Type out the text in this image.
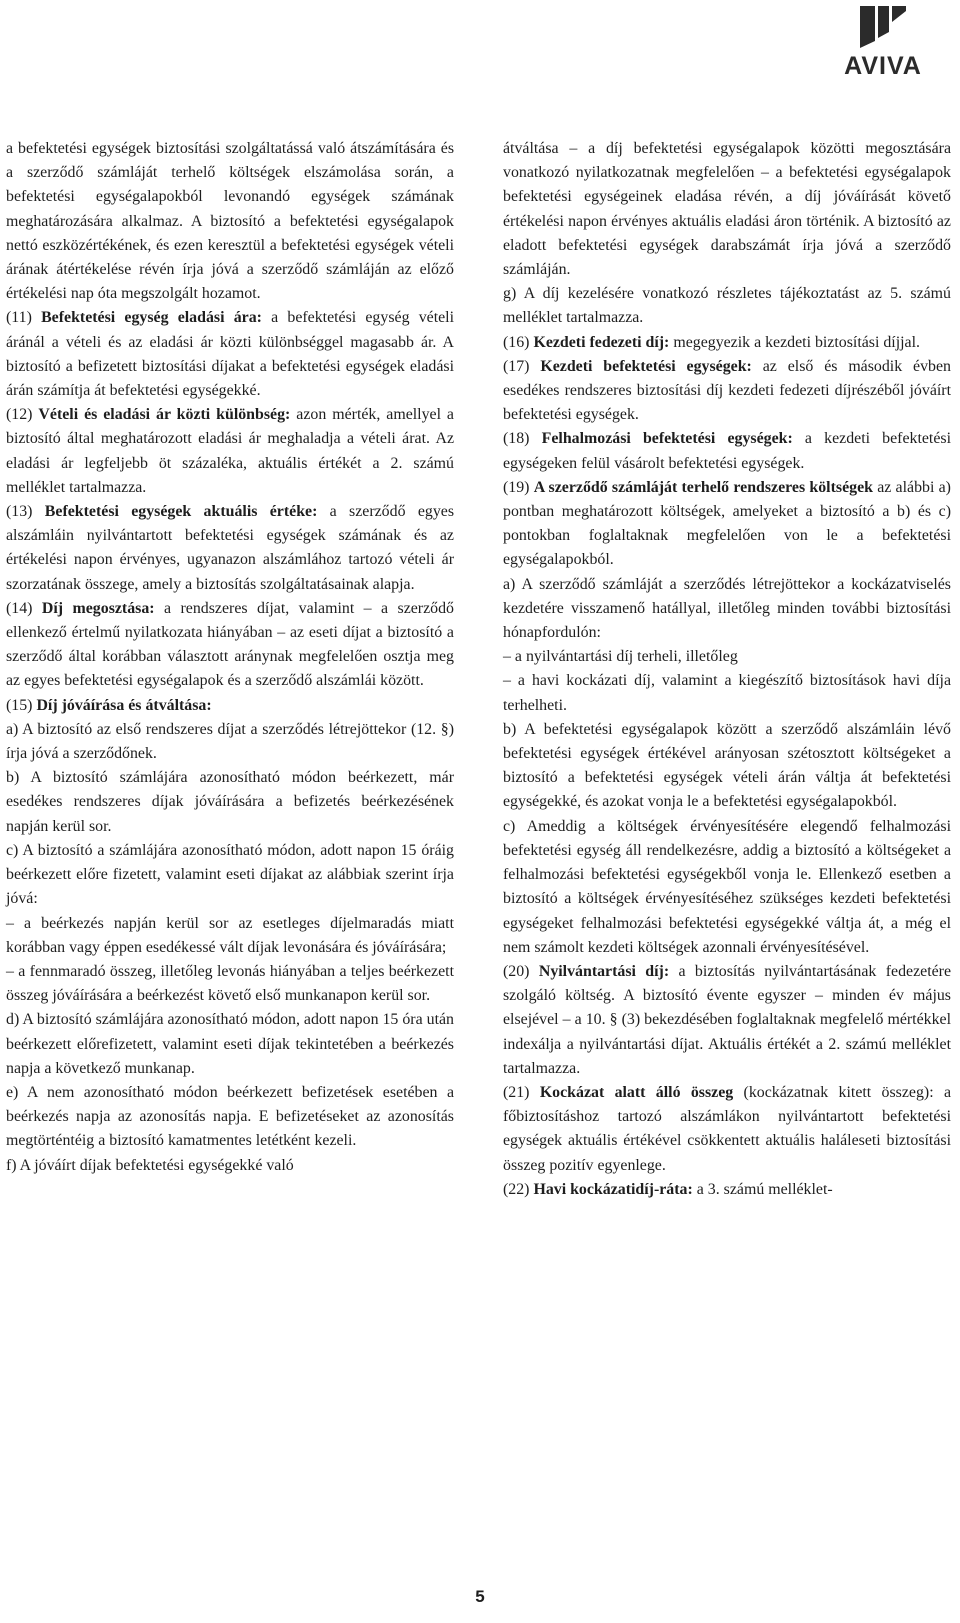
AVIVA

a befektetési egységek biztosítási szolgáltatássá való átszámítására és a szerződő számláját terhelő költségek elszámolása során, a befektetési egységalapokból levonandó egységek számának meghatározására alkalmaz. A biztosító a befektetési egységalapok nettó eszközértékének, és ezen keresztül a befektetési egységek vételi árának átértékelése révén írja jóvá a szerződő számláján az előző értékelési nap óta megszolgált hozamot.

(11) Befektetési egység eladási ára: a befektetési egység vételi áránál a vételi és az eladási ár közti különbséggel magasabb ár. A biztosító a befizetett biztosítási díjakat a befektetési egységek eladási árán számítja át befektetési egységekké.

(12) Vételi és eladási ár közti különbség: azon mérték, amellyel a biztosító által meghatározott eladási ár meghaladja a vételi árat. Az eladási ár legfeljebb öt százaléka, aktuális értékét a 2. számú melléklet tartalmazza.

(13) Befektetési egységek aktuális értéke: a szerződő egyes alszámláin nyilvántartott befektetési egységek számának és az értékelési napon érvényes, ugyanazon alszámlához tartozó vételi ár szorzatának összege, amely a biztosítás szolgáltatásainak alapja.

(14) Díj megosztása: a rendszeres díjat, valamint – a szerződő ellenkező értelmű nyilatkozata hiányában – az eseti díjat a biztosító a szerződő által korábban választott aránynak megfelelően osztja meg az egyes befektetési egységalapok és a szerződő alszámlái között.

(15) Díj jóváírása és átváltása:

a) A biztosító az első rendszeres díjat a szerződés létrejöttekor (12. §) írja jóvá a szerződőnek.

b) A biztosító számlájára azonosítható módon beérkezett, már esedékes rendszeres díjak jóváírására a befizetés beérkezésének napján kerül sor.

c) A biztosító a számlájára azonosítható módon, adott napon 15 óráig beérkezett előre fizetett, valamint eseti díjakat az alábbiak szerint írja jóvá:

– a beérkezés napján kerül sor az esetleges díjelmaradás miatt korábban vagy éppen esedékessé vált díjak levonására és jóváírására;

– a fennmaradó összeg, illetőleg levonás hiányában a teljes beérkezett összeg jóváírására a beérkezést követő első munkanapon kerül sor.

d) A biztosító számlájára azonosítható módon, adott napon 15 óra után beérkezett előrefizetett, valamint eseti díjak tekintetében a beérkezés napja a következő munkanap.

e) A nem azonosítható módon beérkezett befizetések esetében a beérkezés napja az azonosítás napja. E befizetéseket az azonosítás megtörténtéig a biztosító kamatmentes letétként kezeli.

f) A jóváírt díjak befektetési egységekké való

átváltása – a díj befektetési egységalapok közötti megosztására vonatkozó nyilatkozatnak megfelelően – a befektetési egységalapok befektetési egységeinek eladása révén, a díj jóváírását követő értékelési napon érvényes aktuális eladási áron történik. A biztosító az eladott befektetési egységek darabszámát írja jóvá a szerződő számláján.

g) A díj kezelésére vonatkozó részletes tájékoztatást az 5. számú melléklet tartalmazza.

(16) Kezdeti fedezeti díj: megegyezik a kezdeti biztosítási díjjal.

(17) Kezdeti befektetési egységek: az első és második évben esedékes rendszeres biztosítási díj kezdeti fedezeti díjrészéből jóváírt befektetési egységek.

(18) Felhalmozási befektetési egységek: a kezdeti befektetési egységeken felül vásárolt befektetési egységek.

(19) A szerződő számláját terhelő rendszeres költségek az alábbi a) pontban meghatározott költségek, amelyeket a biztosító a b) és c) pontokban foglaltaknak megfelelően von le a befektetési egységalapokból.

a) A szerződő számláját a szerződés létrejöttekor a kockázatviselés kezdetére visszamenő hatállyal, illetőleg minden további biztosítási hónapfordulón:

– a nyilvántartási díj terheli, illetőleg

– a havi kockázati díj, valamint a kiegészítő biztosítások havi díja terhelheti.

b) A befektetési egységalapok között a szerződő alszámláin lévő befektetési egységek értékével arányosan szétosztott költségeket a biztosító a befektetési egységek vételi árán váltja át befektetési egységekké, és azokat vonja le a befektetési egységalapokból.

c) Ameddig a költségek érvényesítésére elegendő felhalmozási befektetési egység áll rendelkezésre, addig a biztosító a költségeket a felhalmozási befektetési egységekből vonja le. Ellenkező esetben a biztosító a költségek érvényesítéséhez szükséges kezdeti befektetési egységeket felhalmozási befektetési egységekké váltja át, a még el nem számolt kezdeti költségek azonnali érvényesítésével.

(20) Nyilvántartási díj: a biztosítás nyilvántartásának fedezetére szolgáló költség. A biztosító évente egyszer – minden év május elsejével – a 10. § (3) bekezdésében foglaltaknak megfelelő mértékkel indexálja a nyilvántartási díjat. Aktuális értékét a 2. számú melléklet tartalmazza.

(21) Kockázat alatt álló összeg (kockázatnak kitett összeg): a főbiztosításhoz tartozó alszámlákon nyilvántartott befektetési egységek aktuális értékével csökkentett aktuális haláleseti biztosítási összeg pozitív egyenlege.

(22) Havi kockázatidíj-ráta: a 3. számú melléklet-

5
